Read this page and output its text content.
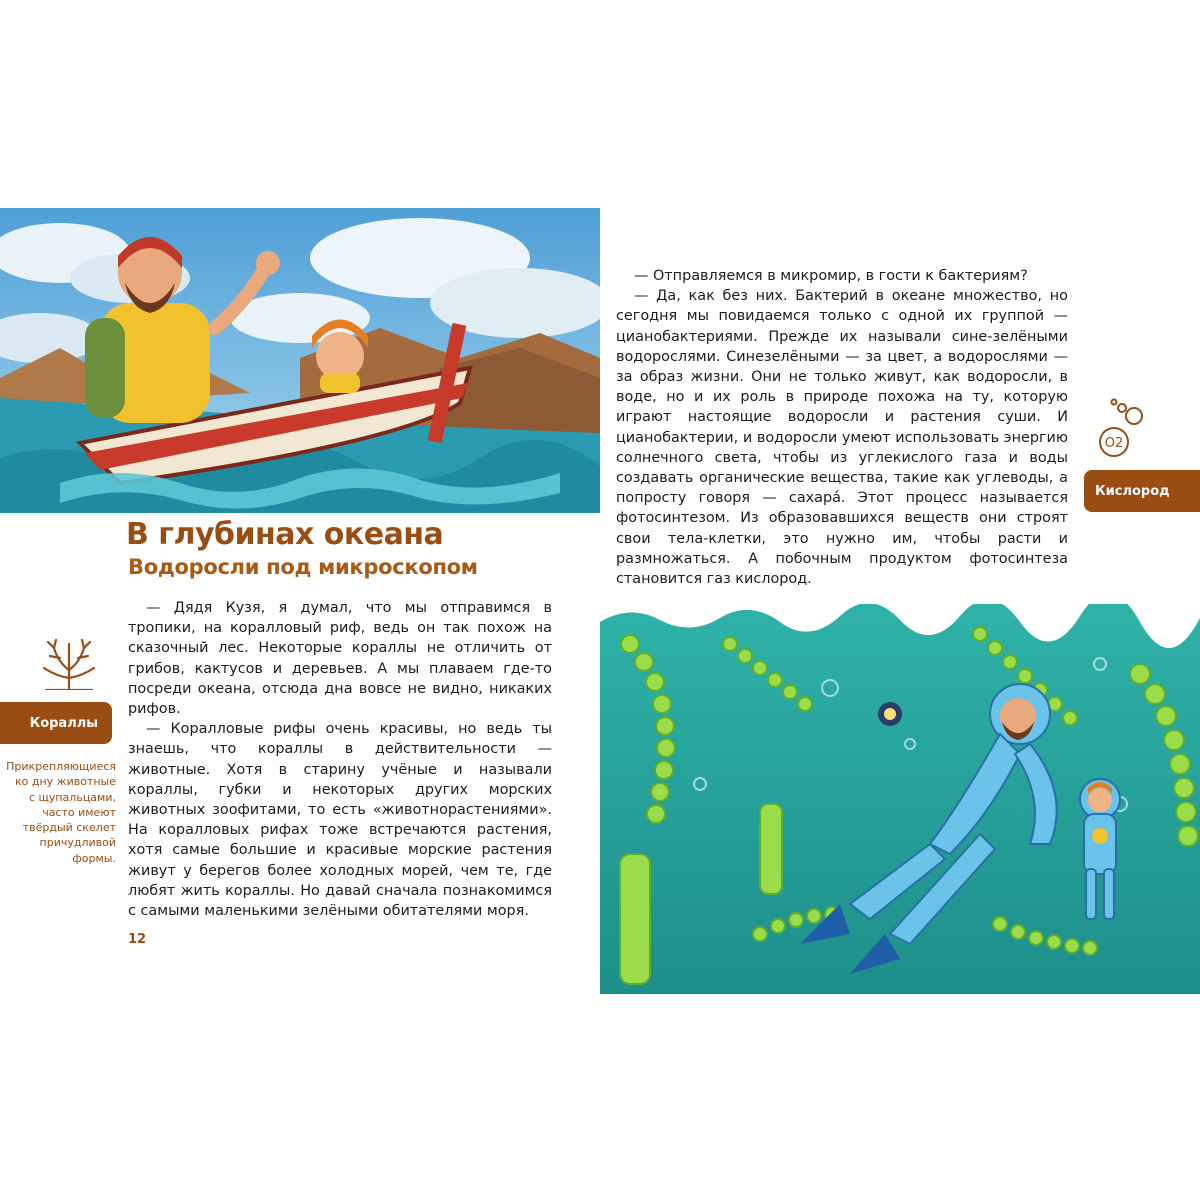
В глубинах океана
Водоросли под микроскопом
Кораллы

Прикрепляющиеся ко дну животные с щупальцами, часто имеют твёрдый скелет причудливой формы.

— Дядя Кузя, я думал, что мы отправимся в тропики, на коралловый риф, ведь он так похож на сказочный лес. Некоторые кораллы не отличить от грибов, кактусов и деревьев. А мы плаваем где-то посреди океана, отсюда дна вовсе не видно, никаких рифов.

— Коралловые рифы очень красивы, но ведь ты знаешь, что кораллы в действительности — животные. Хотя в старину учёные и называли кораллы, губки и некоторых других морских животных зоофитами, то есть «животнорастениями». На коралловых рифах тоже встречаются растения, хотя самые большие и красивые морские растения живут у берегов более холодных морей, чем те, где любят жить кораллы. Но давай сначала познакомимся с самыми маленькими зелёными обитателями моря.

12

— Отправляемся в микромир, в гости к бактериям?

— Да, как без них. Бактерий в океане множество, но сегодня мы повидаемся только с одной их группой — цианобактериями. Прежде их называли сине-зелёными водорослями. Синезелёными — за цвет, а водорослями — за образ жизни. Они не только живут, как водоросли, в воде, но и их роль в природе похожа на ту, которую играют настоящие водоросли и растения суши. И цианобактерии, и водоросли умеют использовать энергию солнечного света, чтобы из углекислого газа и воды создавать органические вещества, такие как углеводы, а попросту говоря — сахара́. Этот процесс называется фотосинтезом. Из образовавшихся веществ они строят свои тела-клетки, это нужно им, чтобы расти и размножаться. А побочным продуктом фотосинтеза становится газ кислород.

O2
Кислород
